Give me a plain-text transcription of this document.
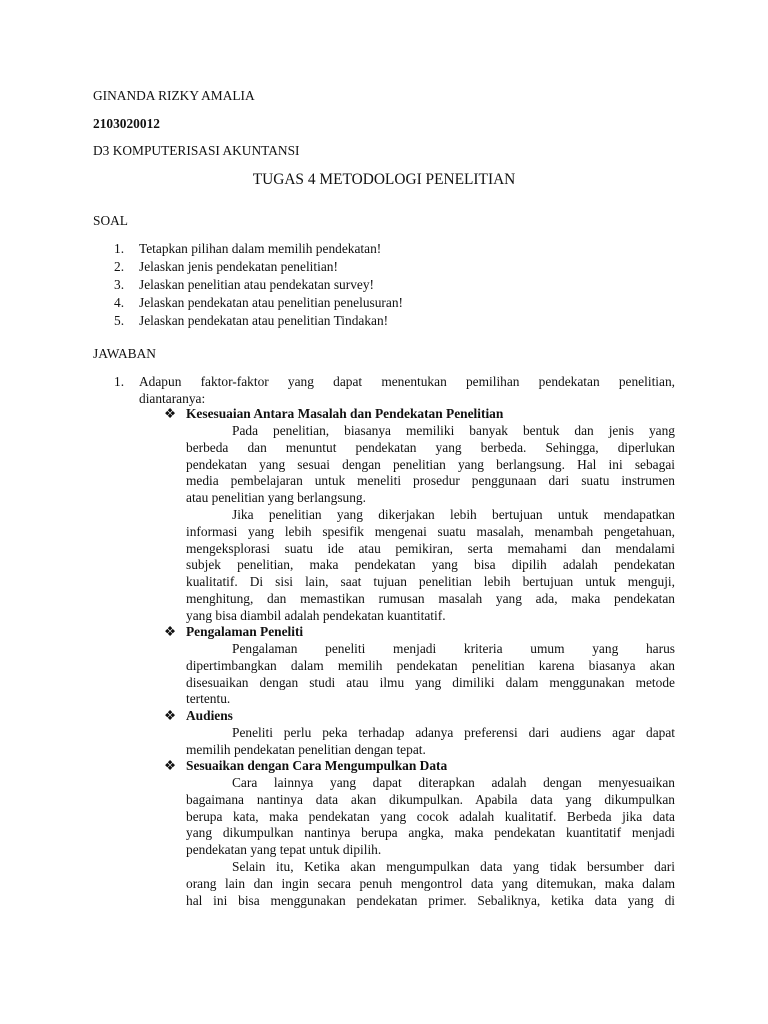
GINANDA RIZKY AMALIA
2103020012
D3 KOMPUTERISASI AKUNTANSI
TUGAS 4 METODOLOGI PENELITIAN
SOAL
1.	Tetapkan pilihan dalam memilih pendekatan!
2.	Jelaskan jenis pendekatan penelitian!
3.	Jelaskan penelitian atau pendekatan survey!
4.	Jelaskan pendekatan atau penelitian penelusuran!
5.	Jelaskan pendekatan atau penelitian Tindakan!
JAWABAN
1. Adapun faktor-faktor yang dapat menentukan pemilihan pendekatan penelitian,
diantaranya:
❖ Kesesuaian Antara Masalah dan Pendekatan Penelitian
Pada penelitian, biasanya memiliki banyak bentuk dan jenis yang
berbeda dan menuntut pendekatan yang berbeda. Sehingga, diperlukan
pendekatan yang sesuai dengan penelitian yang berlangsung. Hal ini sebagai
media pembelajaran untuk meneliti prosedur penggunaan dari suatu instrumen
atau penelitian yang berlangsung.
Jika penelitian yang dikerjakan lebih bertujuan untuk mendapatkan
informasi yang lebih spesifik mengenai suatu masalah, menambah pengetahuan,
mengeksplorasi suatu ide atau pemikiran, serta memahami dan mendalami
subjek penelitian, maka pendekatan yang bisa dipilih adalah pendekatan
kualitatif. Di sisi lain, saat tujuan penelitian lebih bertujuan untuk menguji,
menghitung, dan memastikan rumusan masalah yang ada, maka pendekatan
yang bisa diambil adalah pendekatan kuantitatif.
❖ Pengalaman Peneliti
Pengalaman peneliti menjadi kriteria umum yang harus
dipertimbangkan dalam memilih pendekatan penelitian karena biasanya akan
disesuaikan dengan studi atau ilmu yang dimiliki dalam menggunakan metode
tertentu.
❖ Audiens
Peneliti perlu peka terhadap adanya preferensi dari audiens agar dapat
memilih pendekatan penelitian dengan tepat.
❖ Sesuaikan dengan Cara Mengumpulkan Data
Cara lainnya yang dapat diterapkan adalah dengan menyesuaikan
bagaimana nantinya data akan dikumpulkan. Apabila data yang dikumpulkan
berupa kata, maka pendekatan yang cocok adalah kualitatif. Berbeda jika data
yang dikumpulkan nantinya berupa angka, maka pendekatan kuantitatif menjadi
pendekatan yang tepat untuk dipilih.
Selain itu, Ketika akan mengumpulkan data yang tidak bersumber dari
orang lain dan ingin secara penuh mengontrol data yang ditemukan, maka dalam
hal ini bisa menggunakan pendekatan primer. Sebaliknya, ketika data yang di
